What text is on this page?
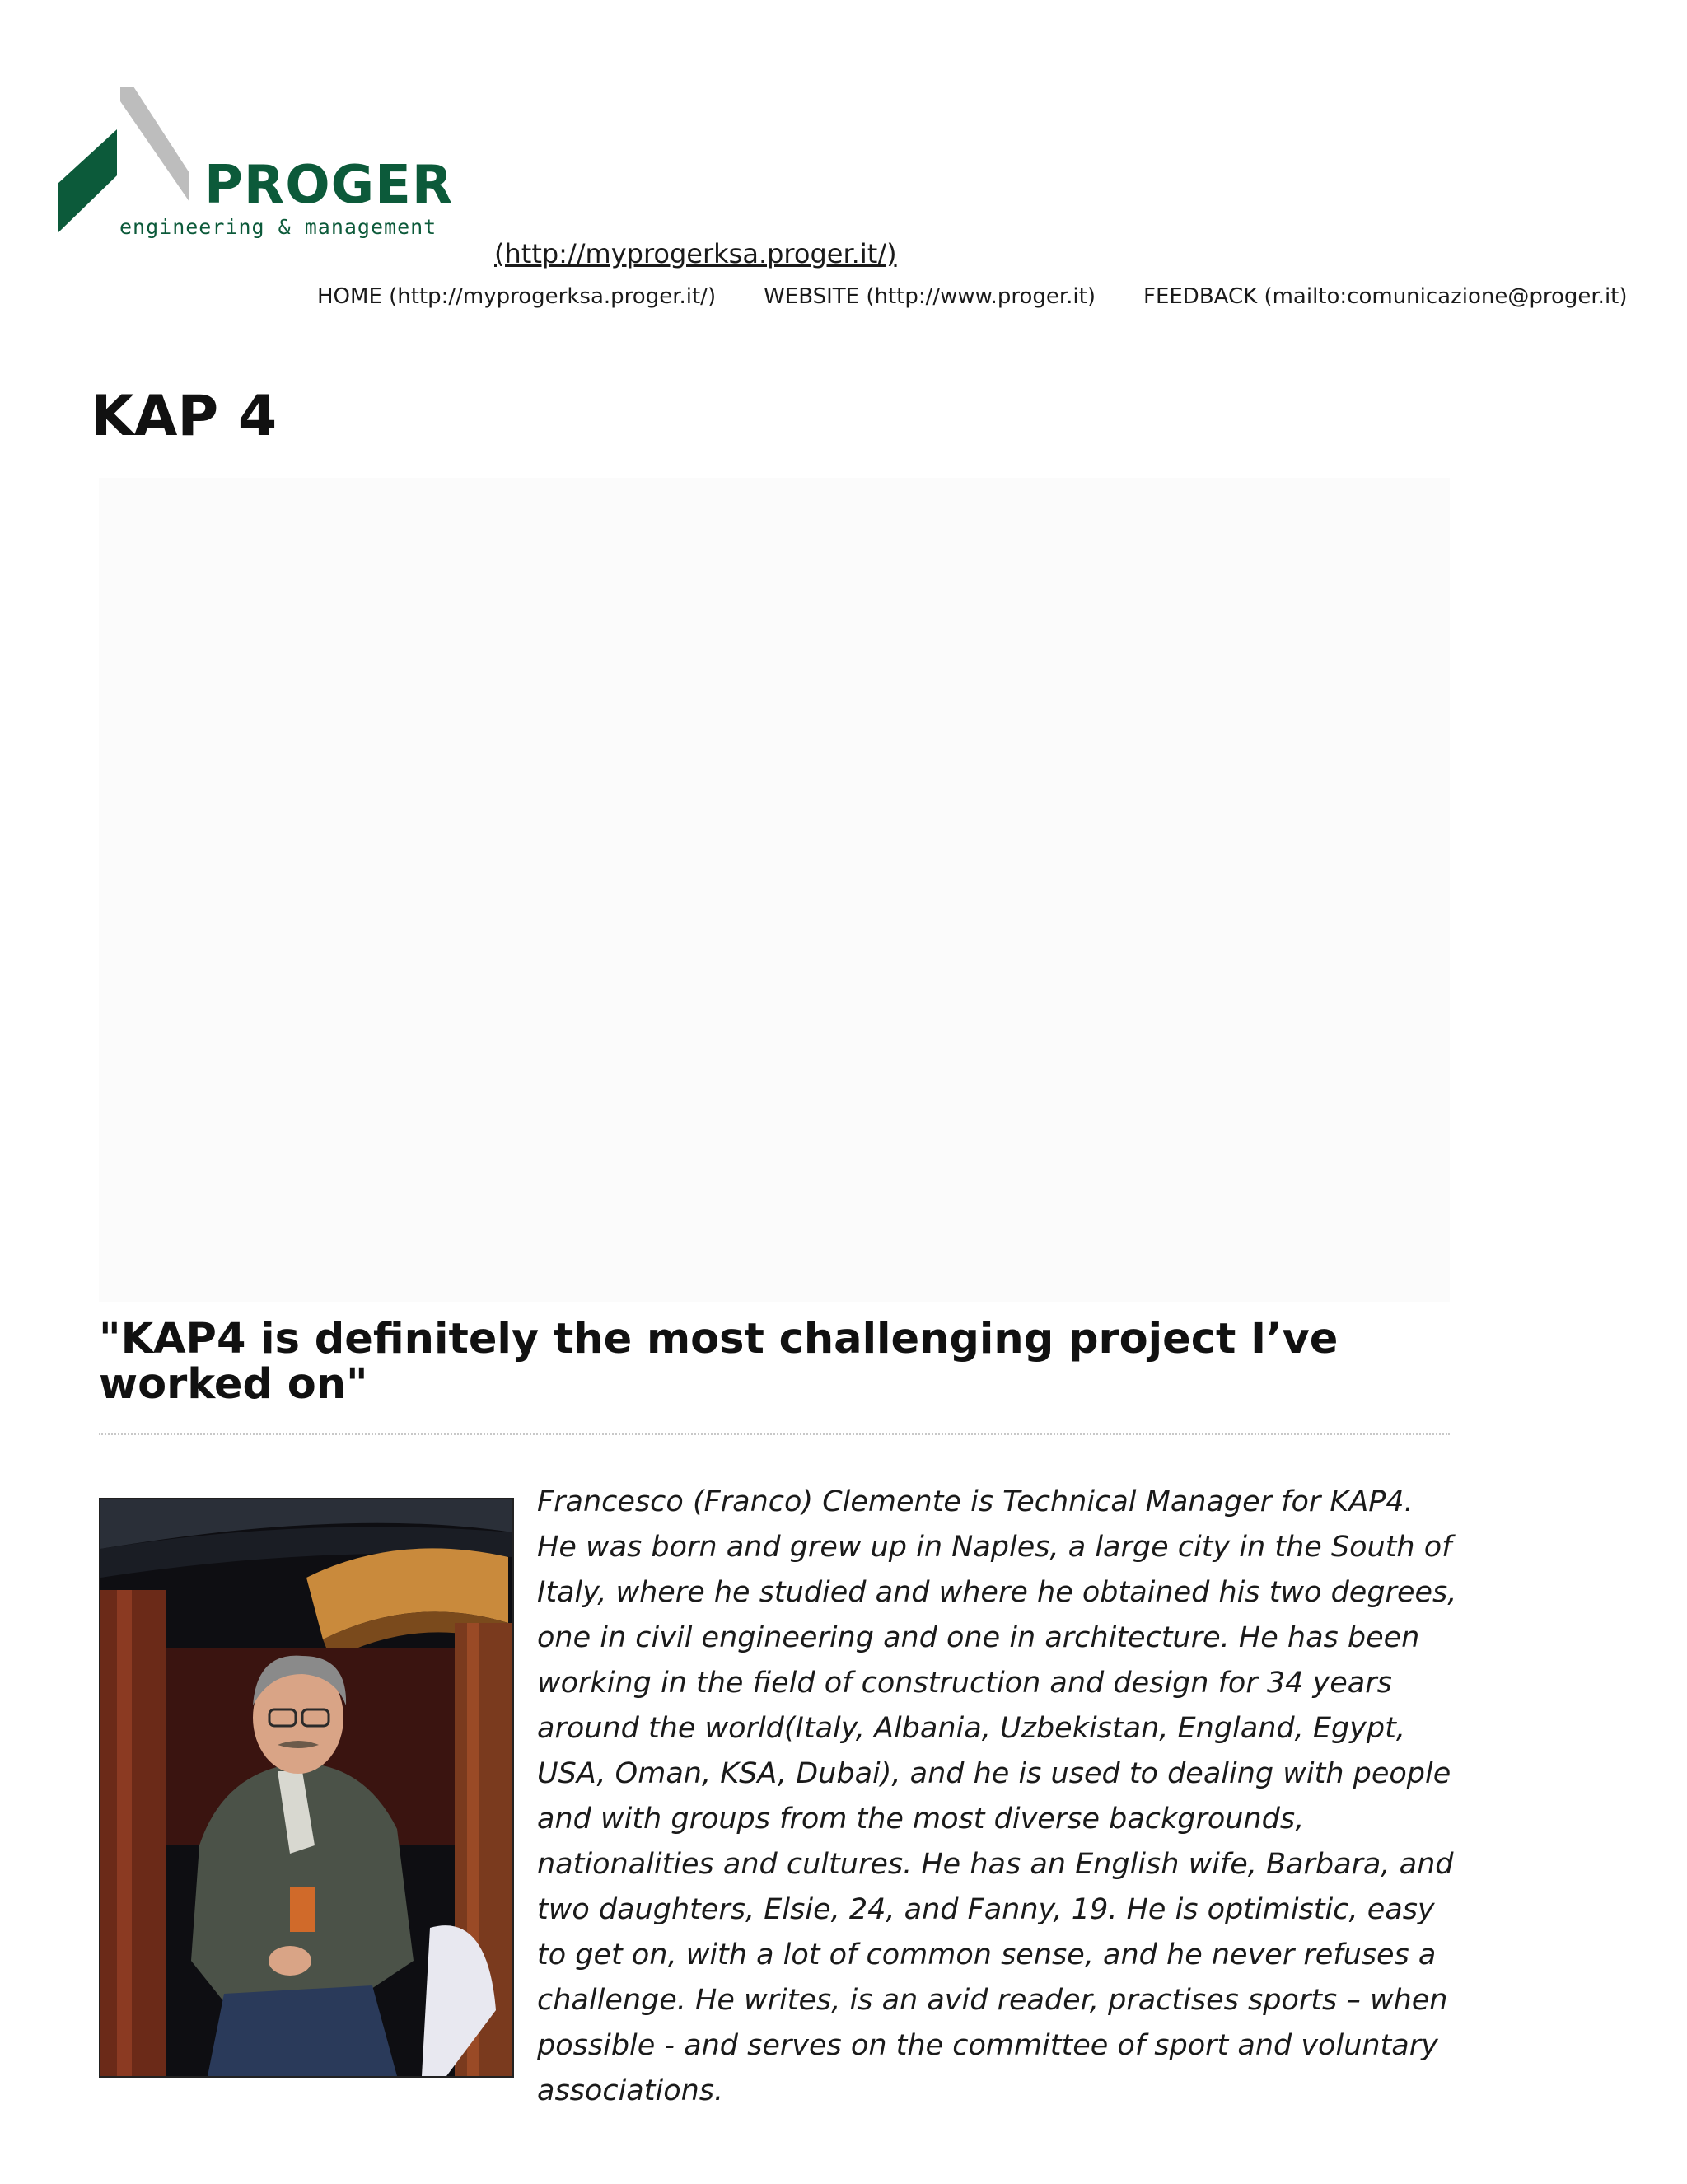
PROGER
engineering & management
(http://myprogerksa.proger.it/)
HOME (http://myprogerksa.proger.it/) WEBSITE (http://www.proger.it) FEEDBACK (mailto:comunicazione@proger.it)
KAP 4
"KAP4 is definitely the most challenging project I’ve worked on"

Francesco (Franco) Clemente is Technical Manager for KAP4. He was born and grew up in Naples, a large city in the South of Italy, where he studied and where he obtained his two degrees, one in civil engineering and one in architecture. He has been working in the field of construction and design for 34 years around the world(Italy, Albania, Uzbekistan, England, Egypt, USA, Oman, KSA, Dubai), and he is used to dealing with people and with groups from the most diverse backgrounds, nationalities and cultures. He has an English wife, Barbara, and two daughters, Elsie, 24, and Fanny, 19. He is optimistic, easy to get on, with a lot of common sense, and he never refuses a challenge. He writes, is an avid reader, practises sports – when possible - and serves on the committee of sport and voluntary associations.
